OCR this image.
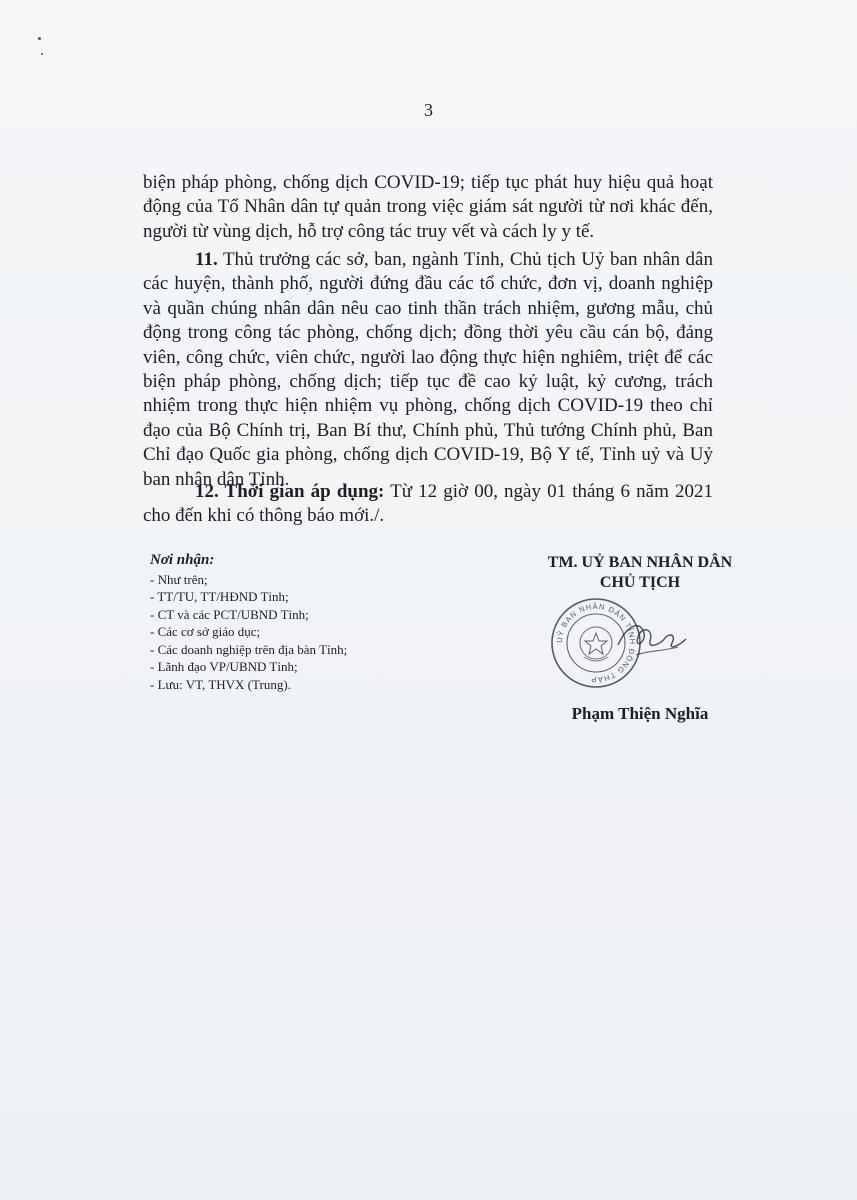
3

biện pháp phòng, chống dịch COVID-19; tiếp tục phát huy hiệu quả hoạt động của Tổ Nhân dân tự quản trong việc giám sát người từ nơi khác đến, người từ vùng dịch, hỗ trợ công tác truy vết và cách ly y tế.

11. Thủ trưởng các sở, ban, ngành Tỉnh, Chủ tịch Uỷ ban nhân dân các huyện, thành phố, người đứng đầu các tổ chức, đơn vị, doanh nghiệp và quần chúng nhân dân nêu cao tinh thần trách nhiệm, gương mẫu, chủ động trong công tác phòng, chống dịch; đồng thời yêu cầu cán bộ, đảng viên, công chức, viên chức, người lao động thực hiện nghiêm, triệt để các biện pháp phòng, chống dịch; tiếp tục đề cao kỷ luật, kỷ cương, trách nhiệm trong thực hiện nhiệm vụ phòng, chống dịch COVID-19 theo chỉ đạo của Bộ Chính trị, Ban Bí thư, Chính phủ, Thủ tướng Chính phủ, Ban Chỉ đạo Quốc gia phòng, chống dịch COVID-19, Bộ Y tế, Tỉnh uỷ và Uỷ ban nhân dân Tỉnh.

12. Thời gian áp dụng: Từ 12 giờ 00, ngày 01 tháng 6 năm 2021 cho đến khi có thông báo mới./.

Nơi nhận:
- Như trên;
- TT/TU, TT/HĐND Tỉnh;
- CT và các PCT/UBND Tỉnh;
- Các cơ sở giáo dục;
- Các doanh nghiệp trên địa bàn Tỉnh;
- Lãnh đạo VP/UBND Tỉnh;
- Lưu: VT, THVX (Trung).
TM. UỶ BAN NHÂN DÂN
CHỦ TỊCH
UỶ BAN NHÂN DÂN TỈNH ĐỒNG THÁP
Phạm Thiện Nghĩa
